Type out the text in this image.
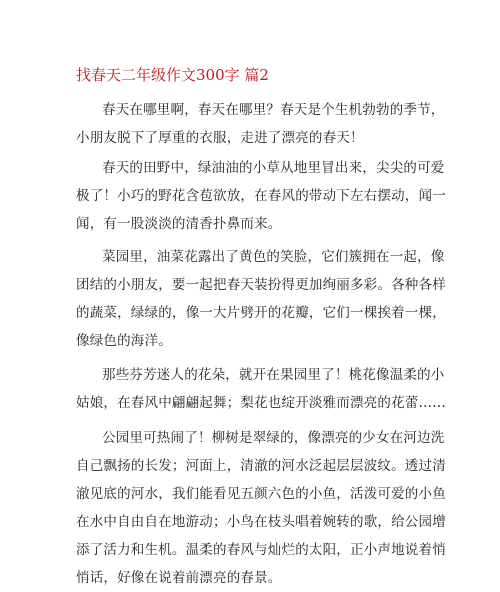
找春天二年级作文300字 篇2

春天在哪里啊，春天在哪里？春天是个生机勃勃的季节，
小朋友脱下了厚重的衣服，走进了漂亮的春天！

春天的田野中，绿油油的小草从地里冒出来，尖尖的可爱
极了！小巧的野花含苞欲放，在春风的带动下左右摆动，闻一
闻，有一股淡淡的清香扑鼻而来。

菜园里，油菜花露出了黄色的笑脸，它们簇拥在一起，像
团结的小朋友，要一起把春天装扮得更加绚丽多彩。各种各样
的蔬菜，绿绿的，像一大片劈开的花瓣，它们一棵挨着一棵，
像绿色的海洋。

那些芬芳迷人的花朵，就开在果园里了！桃花像温柔的小
姑娘，在春风中翩翩起舞；梨花也绽开淡雅而漂亮的花蕾……

公园里可热闹了！柳树是翠绿的，像漂亮的少女在河边洗
自己飘扬的长发；河面上，清澈的河水泛起层层波纹。透过清
澈见底的河水，我们能看见五颜六色的小鱼，活泼可爱的小鱼
在水中自由自在地游动；小鸟在枝头唱着婉转的歌，给公园增
添了活力和生机。温柔的春风与灿烂的太阳，正小声地说着悄
悄话，好像在说着前漂亮的春景。
